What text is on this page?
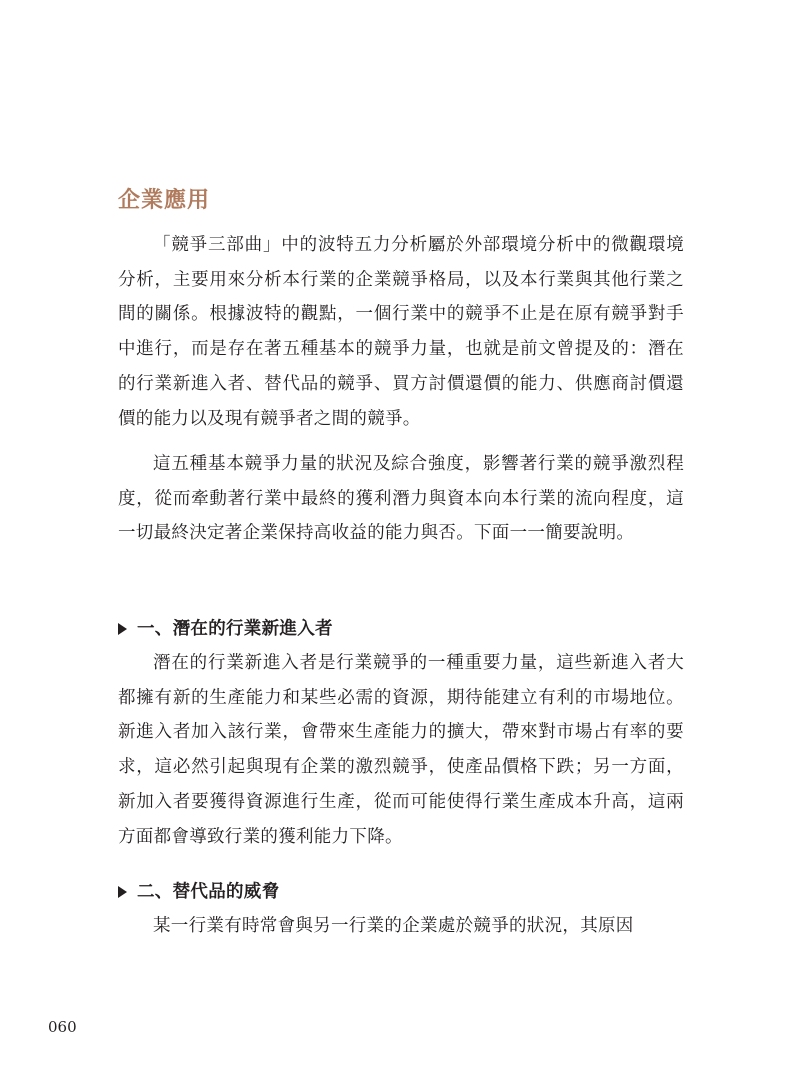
企業應用

「競爭三部曲」中的波特五力分析屬於外部環境分析中的微觀環境分析，主要用來分析本行業的企業競爭格局，以及本行業與其他行業之間的關係。根據波特的觀點，一個行業中的競爭不止是在原有競爭對手中進行，而是存在著五種基本的競爭力量，也就是前文曾提及的：潛在的行業新進入者、替代品的競爭、買方討價還價的能力、供應商討價還價的能力以及現有競爭者之間的競爭。

這五種基本競爭力量的狀況及綜合強度，影響著行業的競爭激烈程度，從而牽動著行業中最終的獲利潛力與資本向本行業的流向程度，這一切最終決定著企業保持高收益的能力與否。下面一一簡要說明。

一、潛在的行業新進入者

潛在的行業新進入者是行業競爭的一種重要力量，這些新進入者大都擁有新的生產能力和某些必需的資源，期待能建立有利的市場地位。新進入者加入該行業，會帶來生產能力的擴大，帶來對市場占有率的要求，這必然引起與現有企業的激烈競爭，使產品價格下跌；另一方面，新加入者要獲得資源進行生產，從而可能使得行業生產成本升高，這兩方面都會導致行業的獲利能力下降。

二、替代品的威脅

某一行業有時常會與另一行業的企業處於競爭的狀況，其原因

060
